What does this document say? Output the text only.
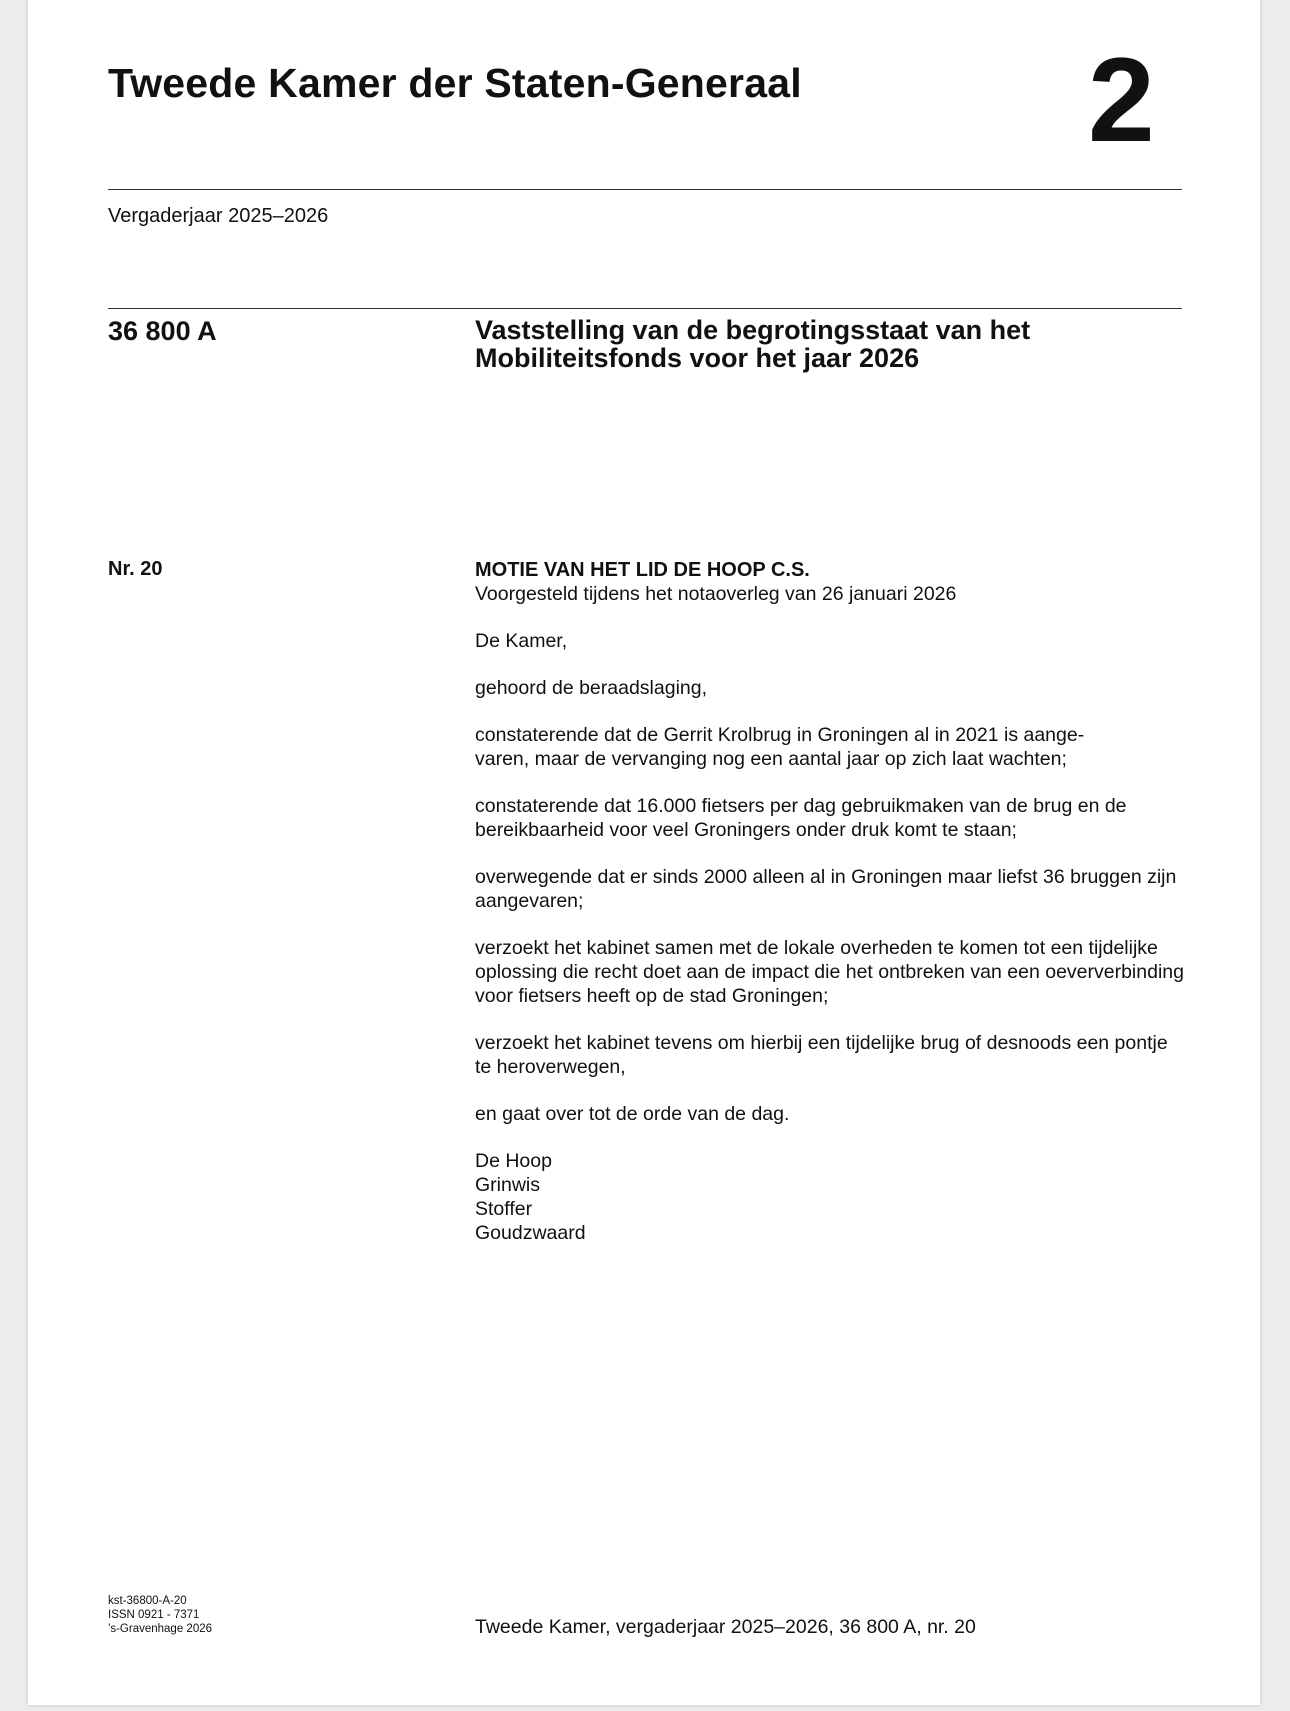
Tweede Kamer der Staten-Generaal 2
Vergaderjaar 2025–2026
36 800 A	Vaststelling van de begrotingsstaat van het Mobiliteitsfonds voor het jaar 2026
Nr. 20	MOTIE VAN HET LID DE HOOP C.S.
Voorgesteld tijdens het notaoverleg van 26 januari 2026
De Kamer,
gehoord de beraadslaging,
constaterende dat de Gerrit Krolbrug in Groningen al in 2021 is aange-
varen, maar de vervanging nog een aantal jaar op zich laat wachten;
constaterende dat 16.000 fietsers per dag gebruikmaken van de brug en de bereikbaarheid voor veel Groningers onder druk komt te staan;
overwegende dat er sinds 2000 alleen al in Groningen maar liefst 36 bruggen zijn aangevaren;
verzoekt het kabinet samen met de lokale overheden te komen tot een tijdelijke oplossing die recht doet aan de impact die het ontbreken van een oeververbinding voor fietsers heeft op de stad Groningen;
verzoekt het kabinet tevens om hierbij een tijdelijke brug of desnoods een pontje te heroverwegen,
en gaat over tot de orde van de dag.
De Hoop
Grinwis
Stoffer
Goudzwaard
kst-36800-A-20
ISSN 0921 - 7371
’s-Gravenhage 2026	Tweede Kamer, vergaderjaar 2025–2026, 36 800 A, nr. 20
